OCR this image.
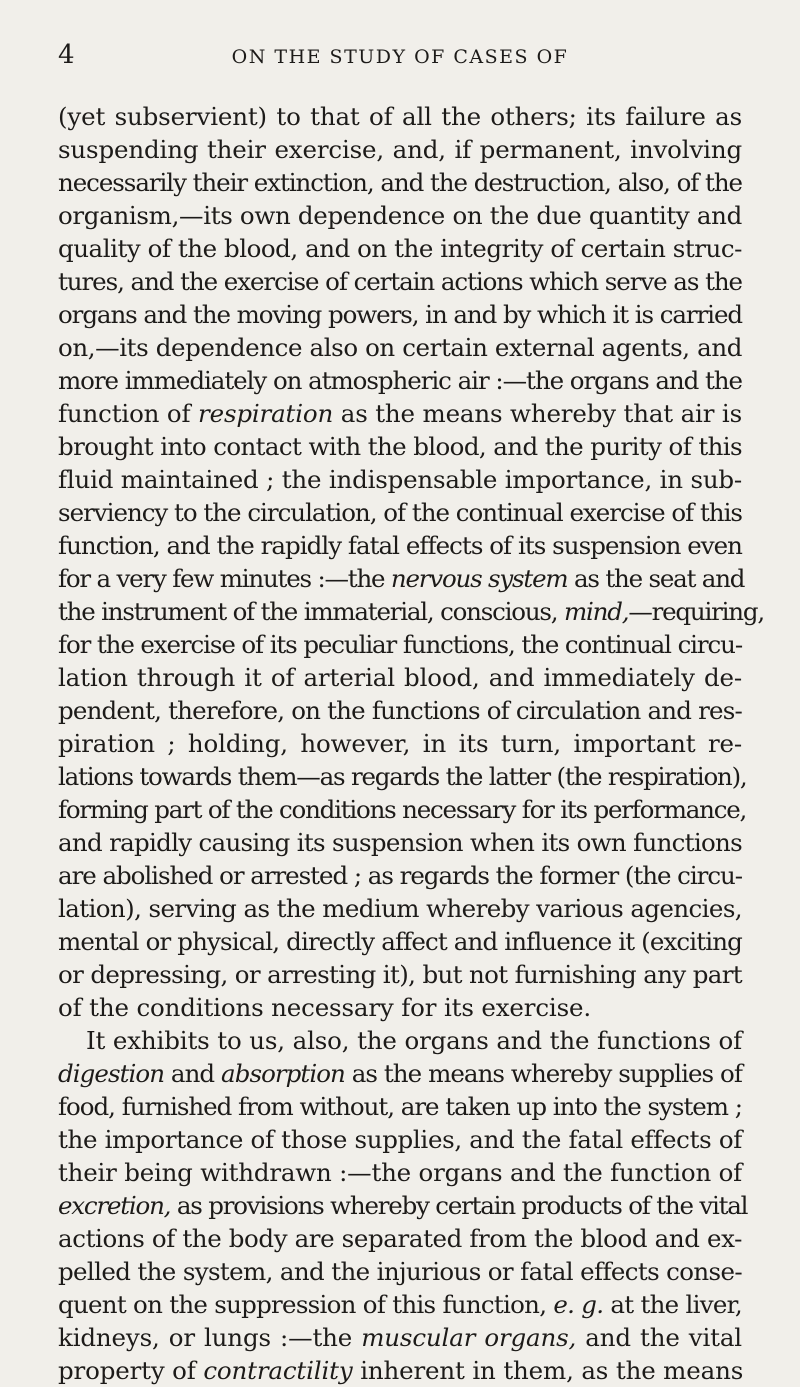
4	ON THE STUDY OF CASES OF
(yet subservient) to that of all the others; its failure as
suspending their exercise, and, if permanent, involving
necessarily their extinction, and the destruction, also, of the
organism,—its own dependence on the due quantity and
quality of the blood, and on the integrity of certain struc-
tures, and the exercise of certain actions which serve as the
organs and the moving powers, in and by which it is carried
on,—its dependence also on certain external agents, and
more immediately on atmospheric air :—the organs and the
function of respiration as the means whereby that air is
brought into contact with the blood, and the purity of this
fluid maintained ; the indispensable importance, in sub-
serviency to the circulation, of the continual exercise of this
function, and the rapidly fatal effects of its suspension even
for a very few minutes :—the nervous system as the seat and
the instrument of the immaterial, conscious, mind,—requiring,
for the exercise of its peculiar functions, the continual circu-
lation through it of arterial blood, and immediately de-
pendent, therefore, on the functions of circulation and res-
piration ; holding, however, in its turn, important re-
lations towards them—as regards the latter (the respiration),
forming part of the conditions necessary for its performance,
and rapidly causing its suspension when its own functions
are abolished or arrested ; as regards the former (the circu-
lation), serving as the medium whereby various agencies,
mental or physical, directly affect and influence it (exciting
or depressing, or arresting it), but not furnishing any part
of the conditions necessary for its exercise.
It exhibits to us, also, the organs and the functions of
digestion and absorption as the means whereby supplies of
food, furnished from without, are taken up into the system ;
the importance of those supplies, and the fatal effects of
their being withdrawn :—the organs and the function of
excretion, as provisions whereby certain products of the vital
actions of the body are separated from the blood and ex-
pelled the system, and the injurious or fatal effects conse-
quent on the suppression of this function, e. g. at the liver,
kidneys, or lungs :—the muscular organs, and the vital
property of contractility inherent in them, as the means
